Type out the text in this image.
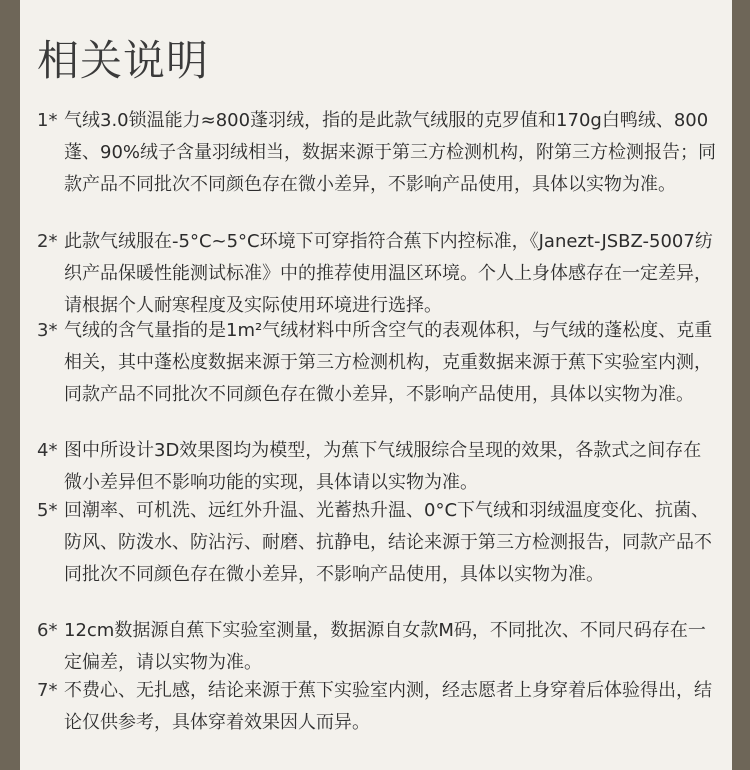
相关说明
1* 气绒3.0锁温能力≈800蓬羽绒，指的是此款气绒服的克罗值和170g白鸭绒、800蓬、90%绒子含量羽绒相当，数据来源于第三方检测机构，附第三方检测报告；同款产品不同批次不同颜色存在微小差异，不影响产品使用，具体以实物为准。
2* 此款气绒服在-5°C~5°C环境下可穿指符合蕉下内控标准，《Janezt-JSBZ-5007纺织产品保暖性能测试标准》中的推荐使用温区环境。个人上身体感存在一定差异，请根据个人耐寒程度及实际使用环境进行选择。
3* 气绒的含气量指的是1m²气绒材料中所含空气的表观体积，与气绒的蓬松度、克重相关，其中蓬松度数据来源于第三方检测机构，克重数据来源于蕉下实验室内测，同款产品不同批次不同颜色存在微小差异，不影响产品使用，具体以实物为准。
4* 图中所设计3D效果图均为模型，为蕉下气绒服综合呈现的效果，各款式之间存在微小差异但不影响功能的实现，具体请以实物为准。
5* 回潮率、可机洗、远红外升温、光蓄热升温、0°C下气绒和羽绒温度变化、抗菌、防风、防泼水、防沾污、耐磨、抗静电，结论来源于第三方检测报告，同款产品不同批次不同颜色存在微小差异，不影响产品使用，具体以实物为准。
6* 12cm数据源自蕉下实验室测量，数据源自女款M码，不同批次、不同尺码存在一定偏差，请以实物为准。
7* 不费心、无扎感，结论来源于蕉下实验室内测，经志愿者上身穿着后体验得出，结论仅供参考，具体穿着效果因人而异。
